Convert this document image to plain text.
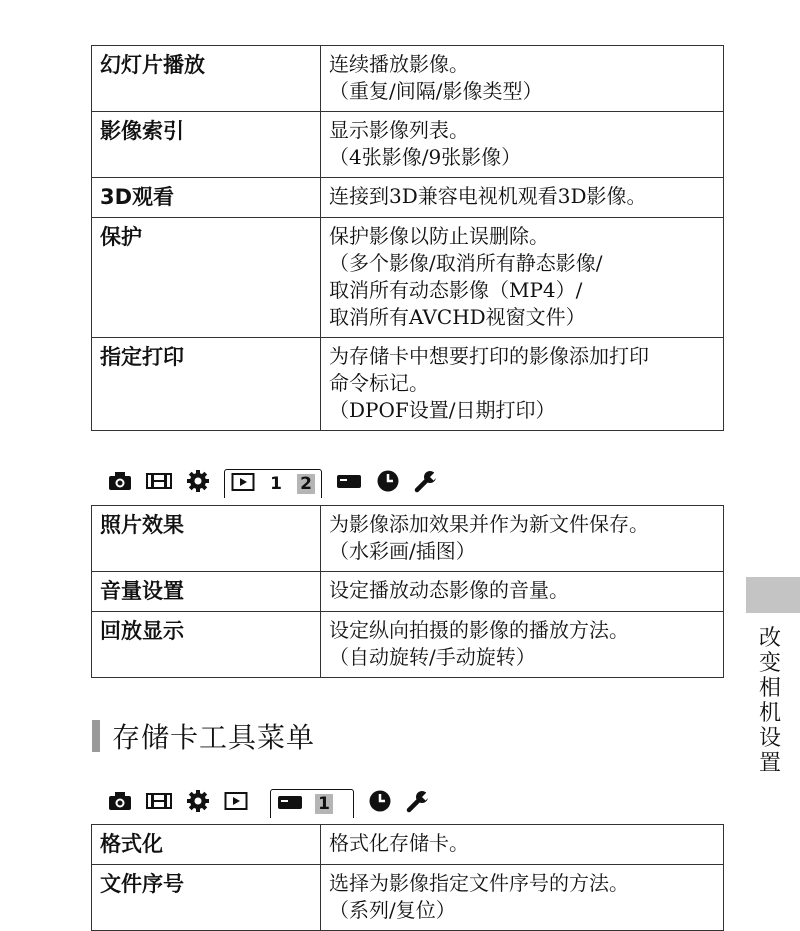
幻灯片播放	连续播放影像。
（重复/间隔/影像类型）

影像索引	显示影像列表。
（4张影像/9张影像）

3D观看	连接到3D兼容电视机观看3D影像。

保护	保护影像以防止误删除。
（多个影像/取消所有静态影像/
取消所有动态影像（MP4）/
取消所有AVCHD视窗文件）

指定打印	为存储卡中想要打印的影像添加打印
命令标记。
（DPOF设置/日期打印）
1 2
照片效果	为影像添加效果并作为新文件保存。
（水彩画/插图）

音量设置	设定播放动态影像的音量。

回放显示	设定纵向拍摄的影像的播放方法。
（自动旋转/手动旋转）
存储卡工具菜单
1
格式化	格式化存储卡。

文件序号	选择为影像指定文件序号的方法。
（系列/复位）
改
变
相
机
设
置
